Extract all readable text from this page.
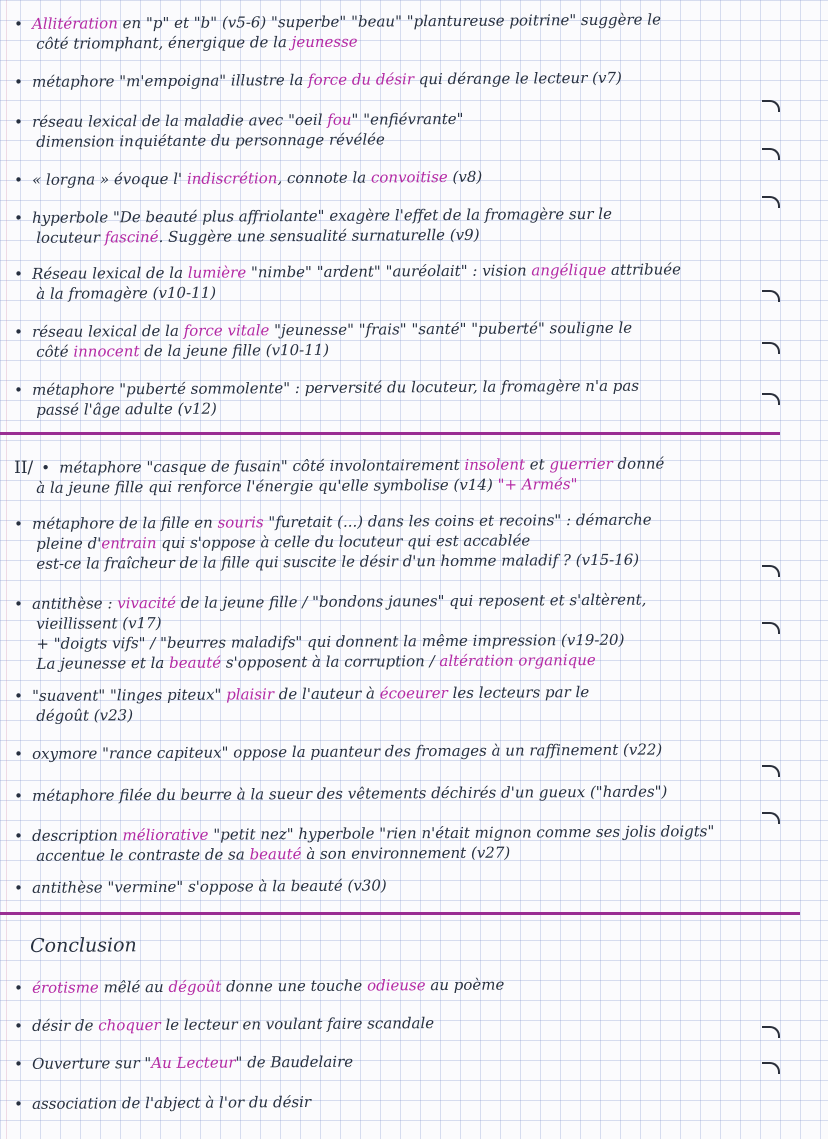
• Allitération en "p" et "b" (v5-6) "superbe" "beau" "plantureuse poitrine" suggère le
côté triomphant, énergique de la jeunesse
• métaphore "m'empoigna" illustre la force du désir qui dérange le lecteur (v7)
• réseau lexical de la maladie avec "oeil fou" "enfiévrante"
dimension inquiétante du personnage révélée
• « lorgna » évoque l' indiscrétion, connote la convoitise (v8)
• hyperbole "De beauté plus affriolante" exagère l'effet de la fromagère sur le
locuteur fasciné. Suggère une sensualité surnaturelle (v9)
• Réseau lexical de la lumière "nimbe" "ardent" "auréolait" : vision angélique attribuée
à la fromagère (v10-11)
• réseau lexical de la force vitale "jeunesse" "frais" "santé" "puberté" souligne le
côté innocent de la jeune fille (v10-11)
• métaphore "puberté sommolente" : perversité du locuteur, la fromagère n'a pas
passé l'âge adulte (v12)
II/ • métaphore "casque de fusain" côté involontairement insolent et guerrier donné
à la jeune fille qui renforce l'énergie qu'elle symbolise (v14) "+ Armés"
• métaphore de la fille en souris "furetait (...) dans les coins et recoins" : démarche
pleine d'entrain qui s'oppose à celle du locuteur qui est accablée
est-ce la fraîcheur de la fille qui suscite le désir d'un homme maladif ? (v15-16)
• antithèse : vivacité de la jeune fille / "bondons jaunes" qui reposent et s'altèrent,
vieillissent (v17)
+ "doigts vifs" / "beurres maladifs" qui donnent la même impression (v19-20)
La jeunesse et la beauté s'opposent à la corruption / altération organique
• "suavent" "linges piteux" plaisir de l'auteur à écoeurer les lecteurs par le
dégoût (v23)
• oxymore "rance capiteux" oppose la puanteur des fromages à un raffinement (v22)
• métaphore filée du beurre à la sueur des vêtements déchirés d'un gueux ("hardes")
• description méliorative "petit nez" hyperbole "rien n'était mignon comme ses jolis doigts"
accentue le contraste de sa beauté à son environnement (v27)
• antithèse "vermine" s'oppose à la beauté (v30)
Conclusion
• érotisme mêlé au dégoût donne une touche odieuse au poème
• désir de choquer le lecteur en voulant faire scandale
• Ouverture sur "Au Lecteur" de Baudelaire
• association de l'abject à l'or du désir
